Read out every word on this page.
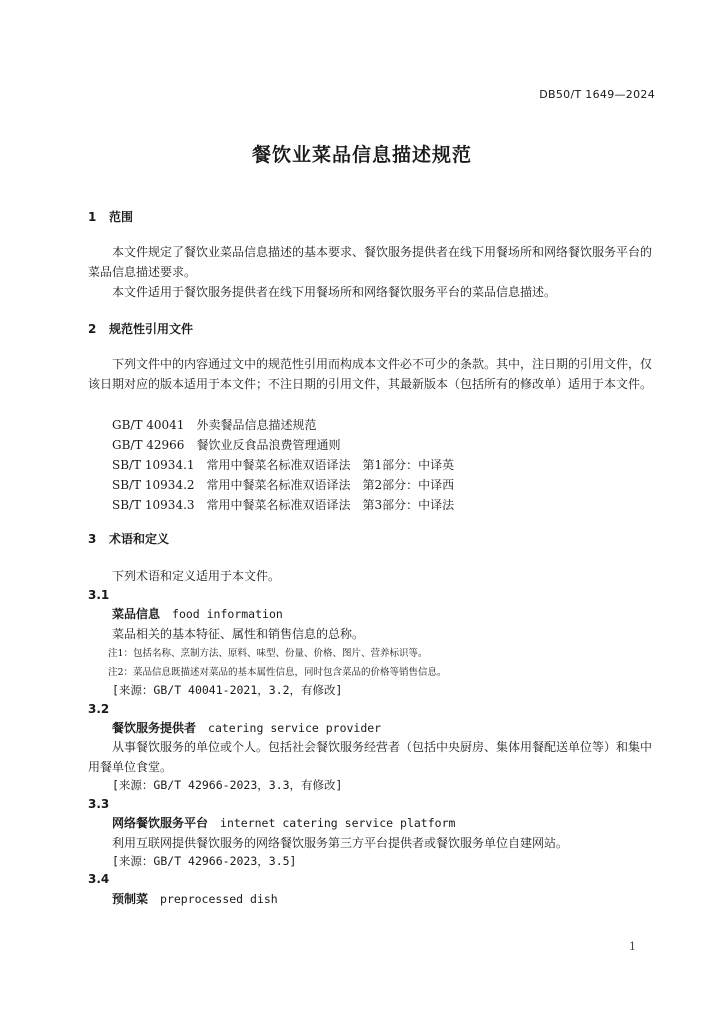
DB50/T 1649—2024
餐饮业菜品信息描述规范
1 范围
本文件规定了餐饮业菜品信息描述的基本要求、餐饮服务提供者在线下用餐场所和网络餐饮服务平台的菜品信息描述要求。
本文件适用于餐饮服务提供者在线下用餐场所和网络餐饮服务平台的菜品信息描述。
2 规范性引用文件
下列文件中的内容通过文中的规范性引用而构成本文件必不可少的条款。其中，注日期的引用文件，仅该日期对应的版本适用于本文件；不注日期的引用文件，其最新版本（包括所有的修改单）适用于本文件。
GB/T 40041　外卖餐品信息描述规范
GB/T 42966　餐饮业反食品浪费管理通则
SB/T 10934.1　常用中餐菜名标准双语译法　第1部分：中译英
SB/T 10934.2　常用中餐菜名标准双语译法　第2部分：中译西
SB/T 10934.3　常用中餐菜名标准双语译法　第3部分：中译法
3 术语和定义
下列术语和定义适用于本文件。
3.1
菜品信息 food information
菜品相关的基本特征、属性和销售信息的总称。
注1：包括名称、烹制方法、原料、味型、份量、价格、图片、营养标识等。
注2：菜品信息既描述对菜品的基本属性信息，同时包含菜品的价格等销售信息。
[来源：GB/T 40041-2021，3.2，有修改]
3.2
餐饮服务提供者 catering service provider
从事餐饮服务的单位或个人。包括社会餐饮服务经营者（包括中央厨房、集体用餐配送单位等）和集中用餐单位食堂。
[来源：GB/T 42966-2023，3.3，有修改]
3.3
网络餐饮服务平台 internet catering service platform
利用互联网提供餐饮服务的网络餐饮服务第三方平台提供者或餐饮服务单位自建网站。
[来源：GB/T 42966-2023，3.5]
3.4
预制菜 preprocessed dish
1
